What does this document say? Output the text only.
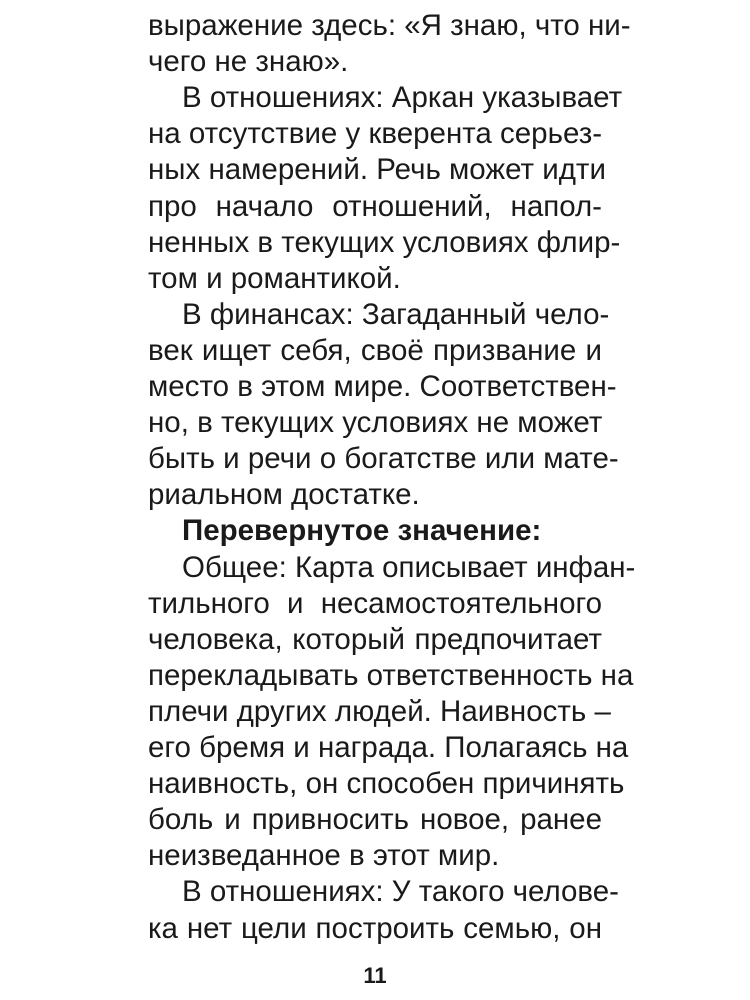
выражение здесь: «Я знаю, что ни-
чего не знаю».
В отношениях: Аркан указывает
на отсутствие у кверента серьез-
ных намерений. Речь может идти
про начало отношений, напол-
ненных в текущих условиях флир-
том и романтикой.
В финансах: Загаданный чело-
век ищет себя, своё призвание и
место в этом мире. Соответствен-
но, в текущих условиях не может
быть и речи о богатстве или мате-
риальном достатке.
Перевернутое значение:
Общее: Карта описывает инфан-
тильного и несамостоятельного
человека, который предпочитает
перекладывать ответственность на
плечи других людей. Наивность –
его бремя и награда. Полагаясь на
наивность, он способен причинять
боль и привносить новое, ранее
неизведанное в этот мир.
В отношениях: У такого челове-
ка нет цели построить семью, он
11
